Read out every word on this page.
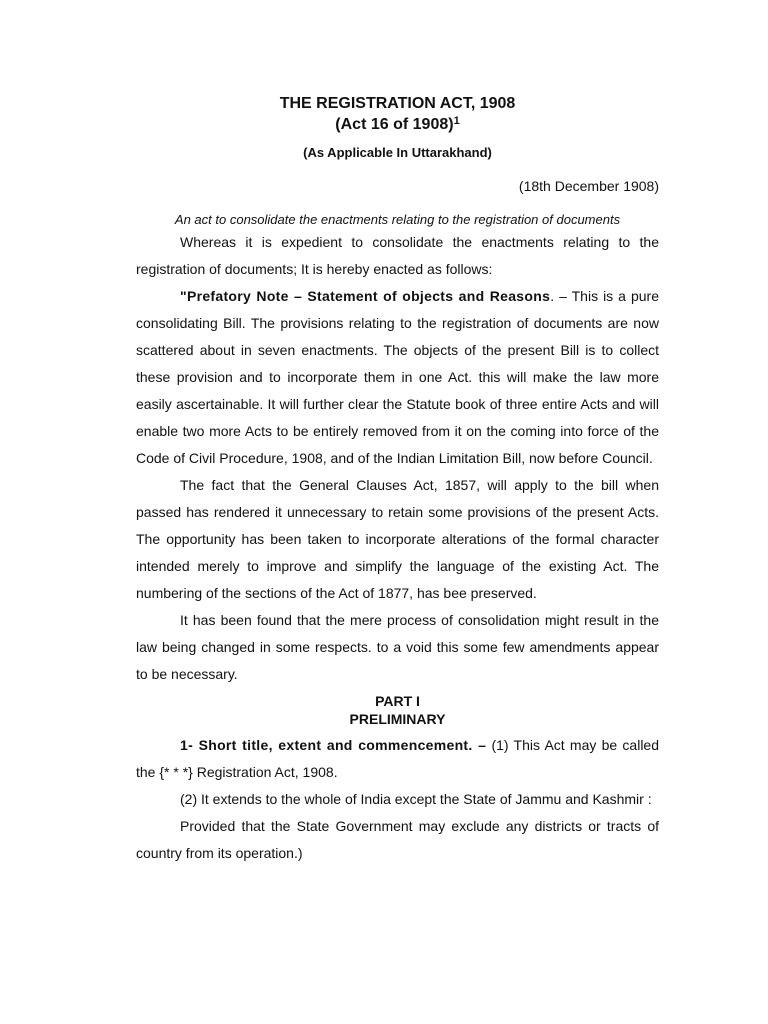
THE REGISTRATION ACT, 1908
(Act 16 of 1908)$^1$

(As Applicable In Uttarakhand)

(18th December 1908)

An act to consolidate the enactments relating to the registration of documents

Whereas it is expedient to consolidate the enactments relating to the registration of documents; It is hereby enacted as follows:

"Prefatory Note – Statement of objects and Reasons. – This is a pure consolidating Bill. The provisions relating to the registration of documents are now scattered about in seven enactments. The objects of the present Bill is to collect these provision and to incorporate them in one Act. this will make the law more easily ascertainable. It will further clear the Statute book of three entire Acts and will enable two more Acts to be entirely removed from it on the coming into force of the Code of Civil Procedure, 1908, and of the Indian Limitation Bill, now before Council.

The fact that the General Clauses Act, 1857, will apply to the bill when passed has rendered it unnecessary to retain some provisions of the present Acts. The opportunity has been taken to incorporate alterations of the formal character intended merely to improve and simplify the language of the existing Act. The numbering of the sections of the Act of 1877, has bee preserved.

It has been found that the mere process of consolidation might result in the law being changed in some respects. to a void this some few amendments appear to be necessary.

PART I
PRELIMINARY

1- Short title, extent and commencement. – (1) This Act may be called the {* * *} Registration Act, 1908.

(2) It extends to the whole of India except the State of Jammu and Kashmir :

Provided that the State Government may exclude any districts or tracts of country from its operation.)
